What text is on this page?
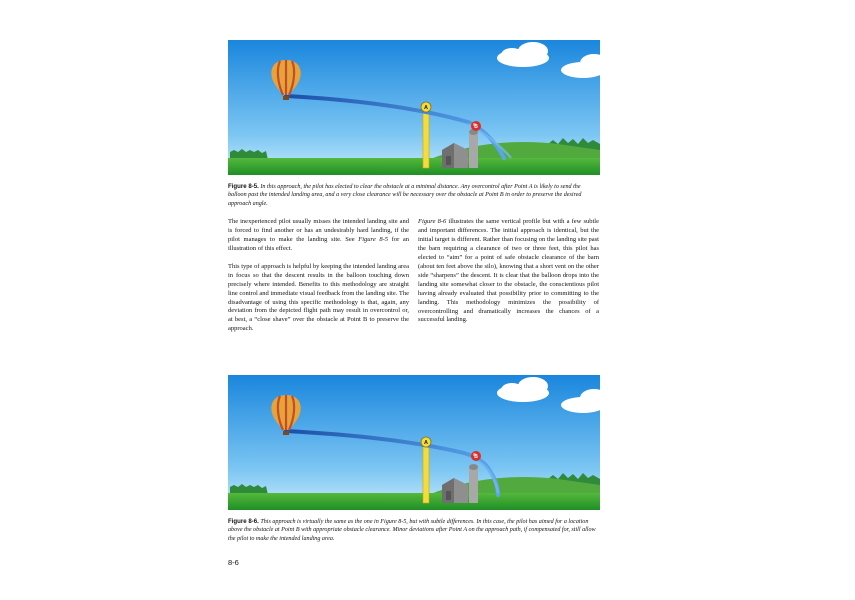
B
A
Figure 8-5. In this approach, the pilot has elected to clear the obstacle at a minimal distance. Any overcontrol after Point A is likely to send the balloon past the intended landing area, and a very close clearance will be necessary over the obstacle at Point B in order to preserve the desired approach angle.

The inexperienced pilot usually misses the intended landing site and is forced to find another or has an undesirably hard landing, if the pilot manages to make the landing site. See Figure 8-5 for an illustration of this effect.

This type of approach is helpful by keeping the intended landing area in focus so that the descent results in the balloon touching down precisely where intended. Benefits to this methodology are straight line control and immediate visual feedback from the landing site. The disadvantage of using this specific methodology is that, again, any deviation from the depicted flight path may result in overcontrol or, at best, a “close shave” over the obstacle at Point B to preserve the approach.

Figure 8-6 illustrates the same vertical profile but with a few subtle and important differences. The initial approach is identical, but the initial target is different. Rather than focusing on the landing site past the barn requiring a clearance of two or three feet, this pilot has elected to “aim” for a point of safe obstacle clearance of the barn (about ten feet above the silo), knowing that a short vent on the other side “sharpens” the descent. It is clear that the balloon drops into the landing site somewhat closer to the obstacle, the conscientious pilot having already evaluated that possibility prior to committing to the landing. This methodology minimizes the possibility of overcontrolling and dramatically increases the chances of a successful landing.

B
A
Figure 8-6. This approach is virtually the same as the one in Figure 8-5, but with subtle differences. In this case, the pilot has aimed for a location above the obstacle at Point B with appropriate obstacle clearance. Minor deviations after Point A on the approach path, if compensated for, still allow the pilot to make the intended landing area.
8-6
